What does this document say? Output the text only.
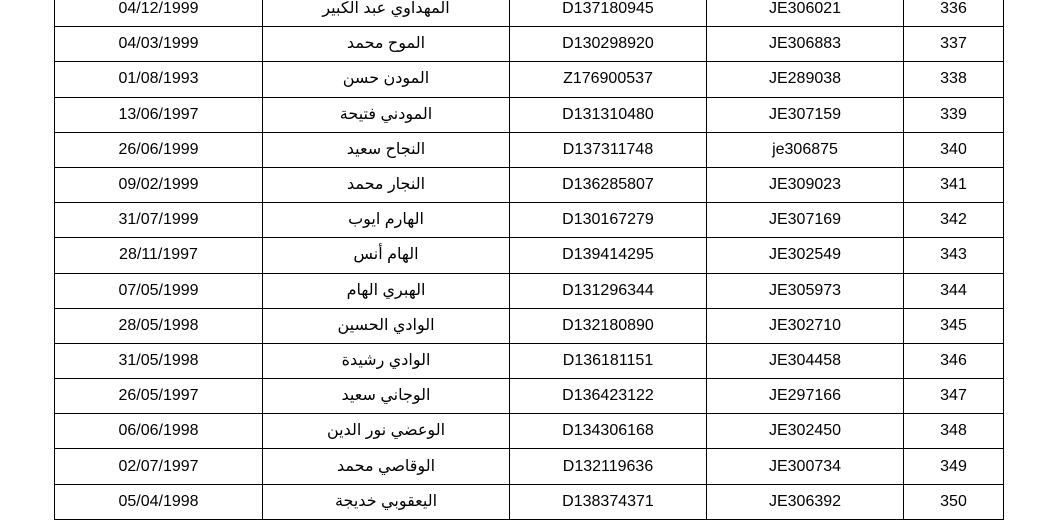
04/12/1999	المهداوي عبد الكبير	D137180945	JE306021	336
04/03/1999	الموح محمد	D130298920	JE306883	337
01/08/1993	المودن حسن	Z176900537	JE289038	338
13/06/1997	المودني فتيحة	D131310480	JE307159	339
26/06/1999	النجاح سعيد	D137311748	je306875	340
09/02/1999	النجار محمد	D136285807	JE309023	341
31/07/1999	الهارم ايوب	D130167279	JE307169	342
28/11/1997	الهام أنس	D139414295	JE302549	343
07/05/1999	الهبري الهام	D131296344	JE305973	344
28/05/1998	الوادي الحسين	D132180890	JE302710	345
31/05/1998	الوادي رشيدة	D136181151	JE304458	346
26/05/1997	الوجاني سعيد	D136423122	JE297166	347
06/06/1998	الوعضي نور الدين	D134306168	JE302450	348
02/07/1997	الوقاصي محمد	D132119636	JE300734	349
05/04/1998	اليعقوبي خديجة	D138374371	JE306392	350
